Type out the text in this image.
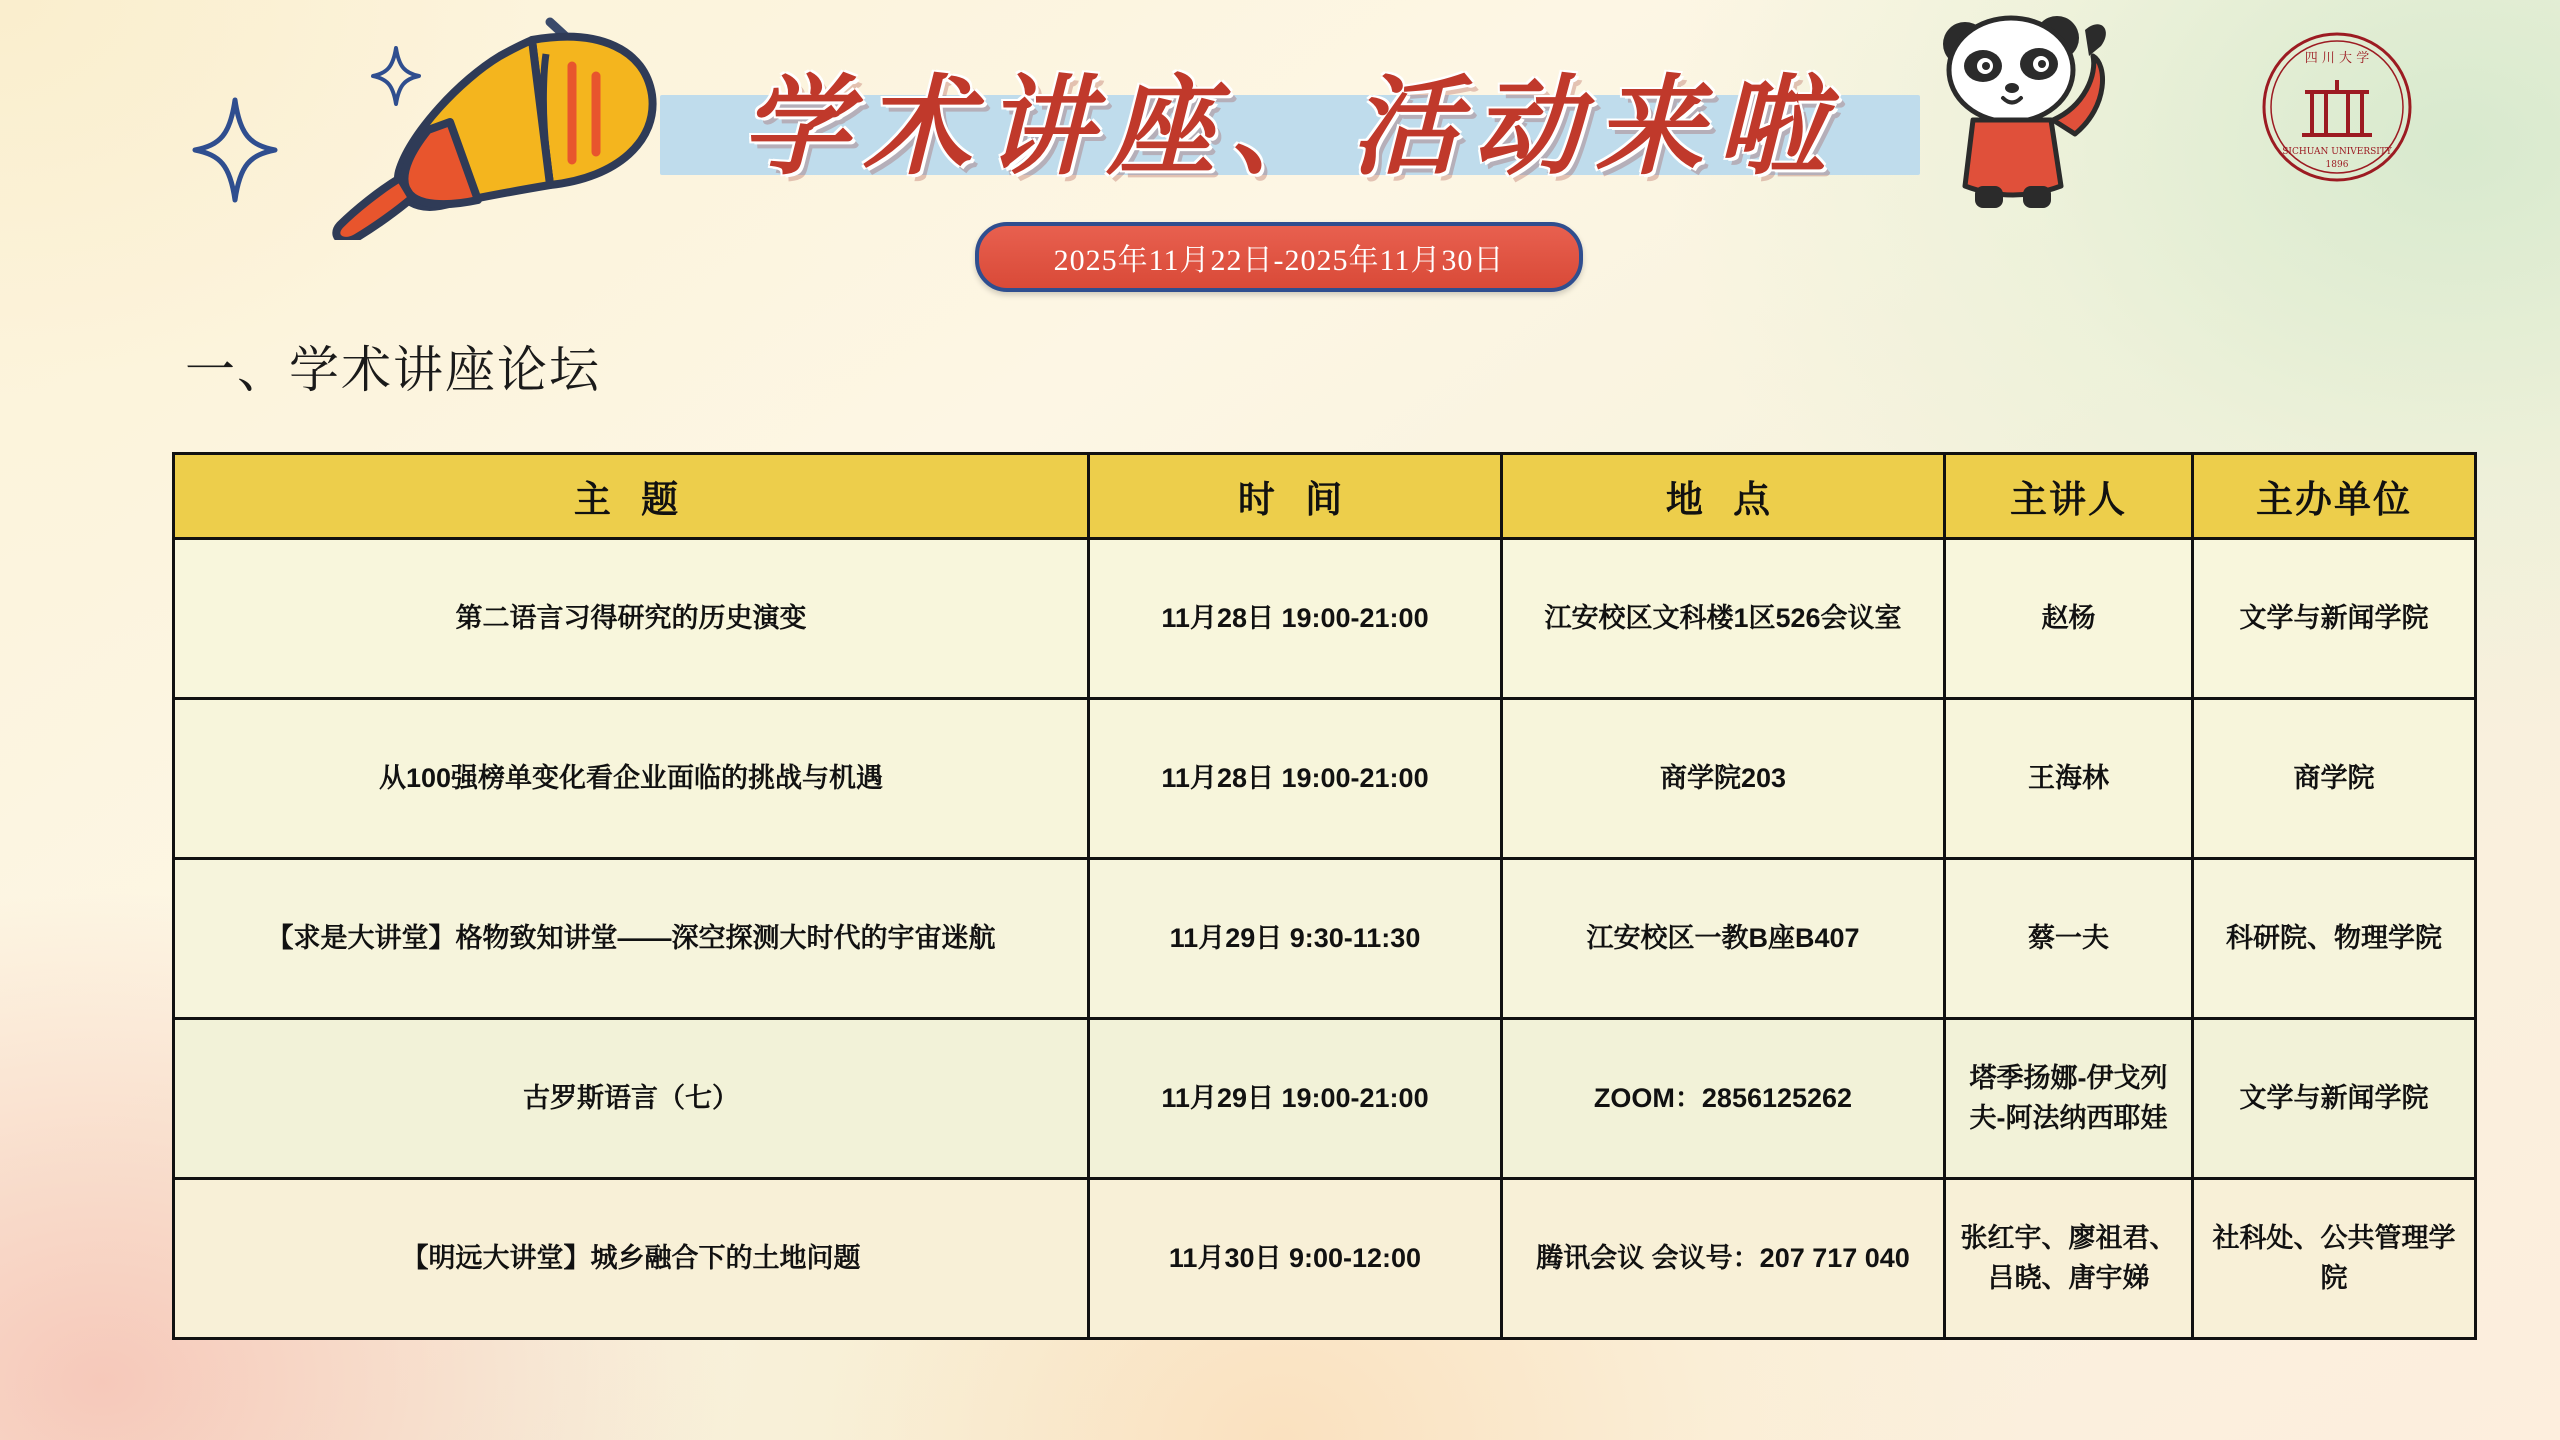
学术讲座、活动来啦
2025年11月22日-2025年11月30日
四 川 大 学
SICHUAN UNIVERSITY
1896
一、学术讲座论坛
主 题	时 间	地 点	主讲人	主办单位
第二语言习得研究的历史演变	11月28日 19:00-21:00	江安校区文科楼1区526会议室	赵杨	文学与新闻学院
从100强榜单变化看企业面临的挑战与机遇	11月28日 19:00-21:00	商学院203	王海林	商学院
【求是大讲堂】格物致知讲堂——深空探测大时代的宇宙迷航	11月29日 9:30-11:30	江安校区一教B座B407	蔡一夫	科研院、物理学院
古罗斯语言（七）	11月29日 19:00-21:00	ZOOM：2856125262	塔季扬娜-伊戈列夫-阿法纳西耶娃	文学与新闻学院
【明远大讲堂】城乡融合下的土地问题	11月30日 9:00-12:00	腾讯会议 会议号：207 717 040	张红宇、廖祖君、吕晓、唐宇娣	社科处、公共管理学院
